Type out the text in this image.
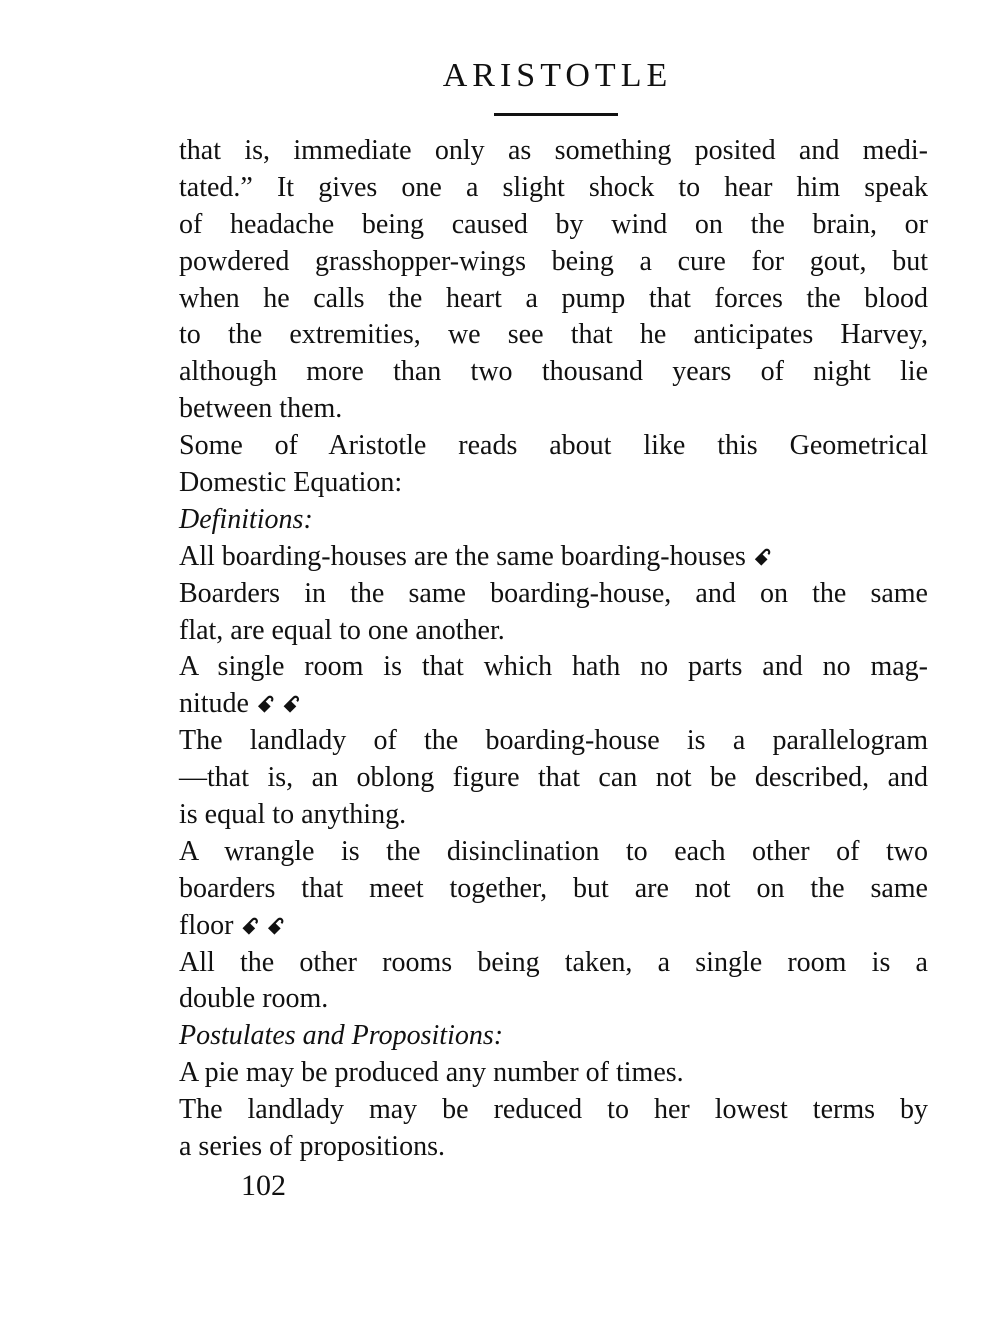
ARISTOTLE
that is, immediate only as something posited and medi-
tated.” It gives one a slight shock to hear him speak
of headache being caused by wind on the brain, or
powdered grasshopper-wings being a cure for gout, but
when he calls the heart a pump that forces the blood
to the extremities, we see that he anticipates Harvey,
although more than two thousand years of night lie
between them.
Some of Aristotle reads about like this Geometrical
Domestic Equation:
Definitions:
All boarding-houses are the same boarding-houses ꗃ
Boarders in the same boarding-house, and on the same
flat, are equal to one another.
A single room is that which hath no parts and no mag-
nitude ꗃ ꗃ
The landlady of the boarding-house is a parallelogram
—that is, an oblong figure that can not be described, and
is equal to anything.
A wrangle is the disinclination to each other of two
boarders that meet together, but are not on the same
floor ꗃ ꗃ
All the other rooms being taken, a single room is a
double room.
Postulates and Propositions:
A pie may be produced any number of times.
The landlady may be reduced to her lowest terms by
a series of propositions.
102
